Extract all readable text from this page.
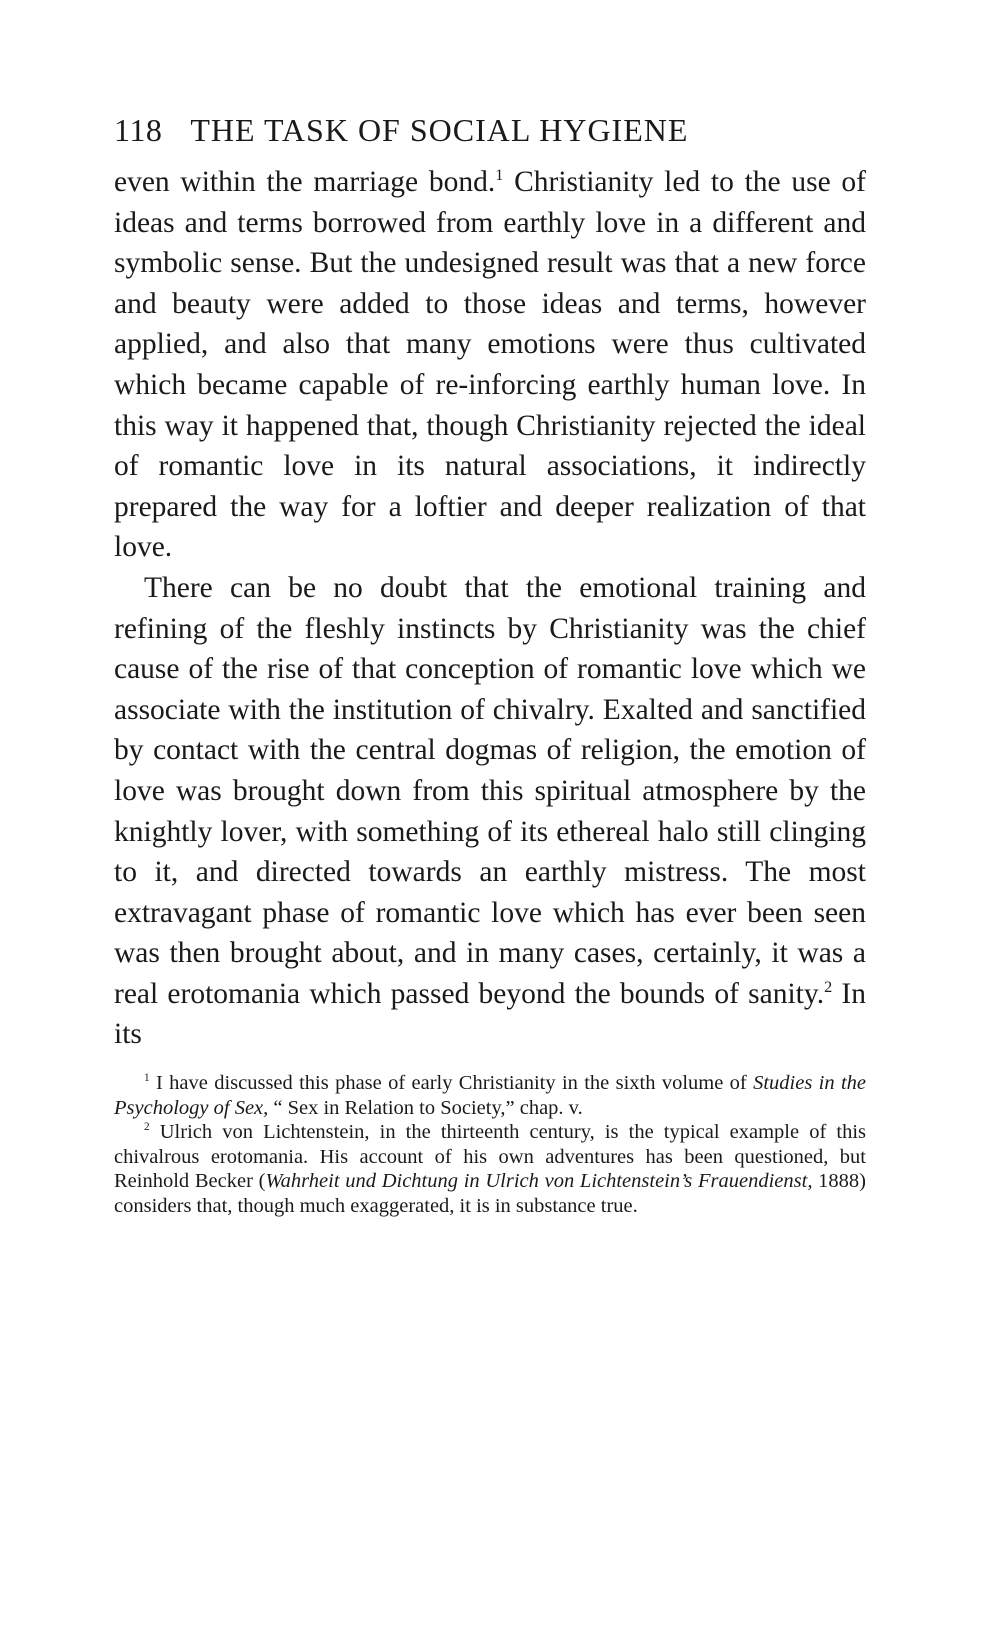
118 THE TASK OF SOCIAL HYGIENE

even within the marriage bond.$^1$ Christianity led to the use of ideas and terms borrowed from earthly love in a different and symbolic sense. But the undesigned result was that a new force and beauty were added to those ideas and terms, however applied, and also that many emotions were thus cultivated which became capable of re-inforcing earthly human love. In this way it happened that, though Christianity rejected the ideal of romantic love in its natural associations, it indirectly prepared the way for a loftier and deeper realization of that love.

There can be no doubt that the emotional training and refining of the fleshly instincts by Christianity was the chief cause of the rise of that conception of romantic love which we associate with the institution of chivalry. Exalted and sanctified by contact with the central dogmas of religion, the emotion of love was brought down from this spiritual atmosphere by the knightly lover, with something of its ethereal halo still clinging to it, and directed towards an earthly mistress. The most extravagant phase of romantic love which has ever been seen was then brought about, and in many cases, certainly, it was a real erotomania which passed beyond the bounds of sanity.$^2$ In its

$^1$ I have discussed this phase of early Christianity in the sixth volume of Studies in the Psychology of Sex, “ Sex in Relation to Society,” chap. v.

$^2$ Ulrich von Lichtenstein, in the thirteenth century, is the typical example of this chivalrous erotomania. His account of his own adventures has been questioned, but Reinhold Becker (Wahrheit und Dichtung in Ulrich von Lichtenstein’s Frauendienst, 1888) considers that, though much exaggerated, it is in substance true.
